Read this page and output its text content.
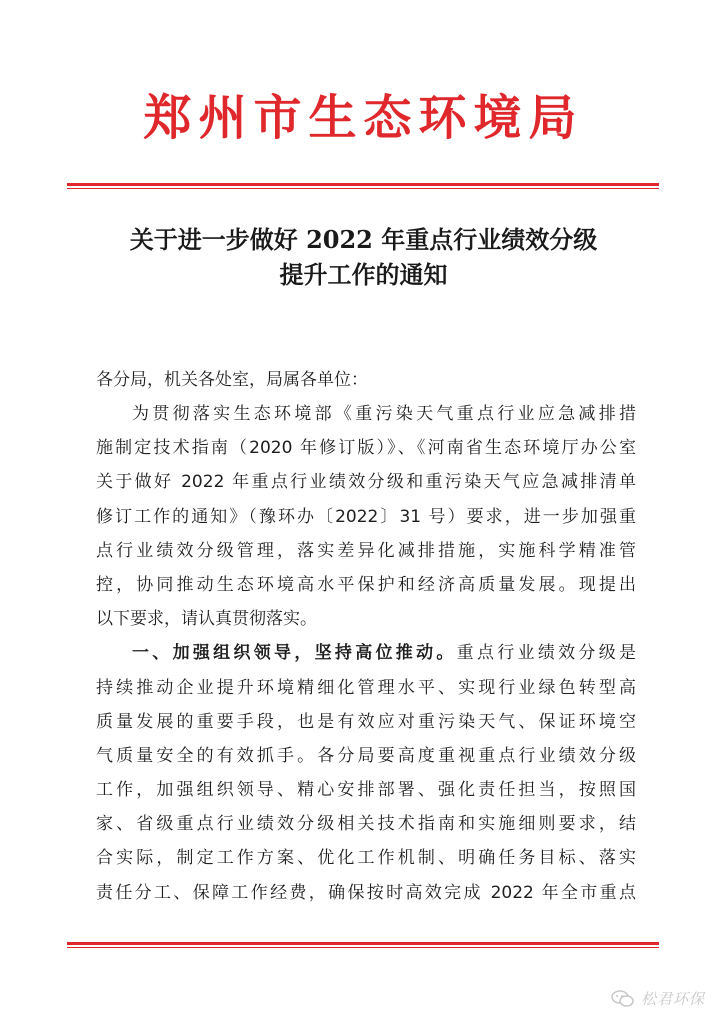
郑州市生态环境局
关于进一步做好 2022 年重点行业绩效分级
提升工作的通知
各分局，机关各处室，局属各单位：
为贯彻落实生态环境部《重污染天气重点行业应急减排措
施制定技术指南（2020 年修订版）》、《河南省生态环境厅办公室
关于做好 2022 年重点行业绩效分级和重污染天气应急减排清单
修订工作的通知》（豫环办〔2022〕31 号）要求，进一步加强重
点行业绩效分级管理，落实差异化减排措施，实施科学精准管
控，协同推动生态环境高水平保护和经济高质量发展。现提出
以下要求，请认真贯彻落实。
一、加强组织领导，坚持高位推动。重点行业绩效分级是
持续推动企业提升环境精细化管理水平、实现行业绿色转型高
质量发展的重要手段，也是有效应对重污染天气、保证环境空
气质量安全的有效抓手。各分局要高度重视重点行业绩效分级
工作，加强组织领导、精心安排部署、强化责任担当，按照国
家、省级重点行业绩效分级相关技术指南和实施细则要求，结
合实际，制定工作方案、优化工作机制、明确任务目标、落实
责任分工、保障工作经费，确保按时高效完成 2022 年全市重点
松君环保
